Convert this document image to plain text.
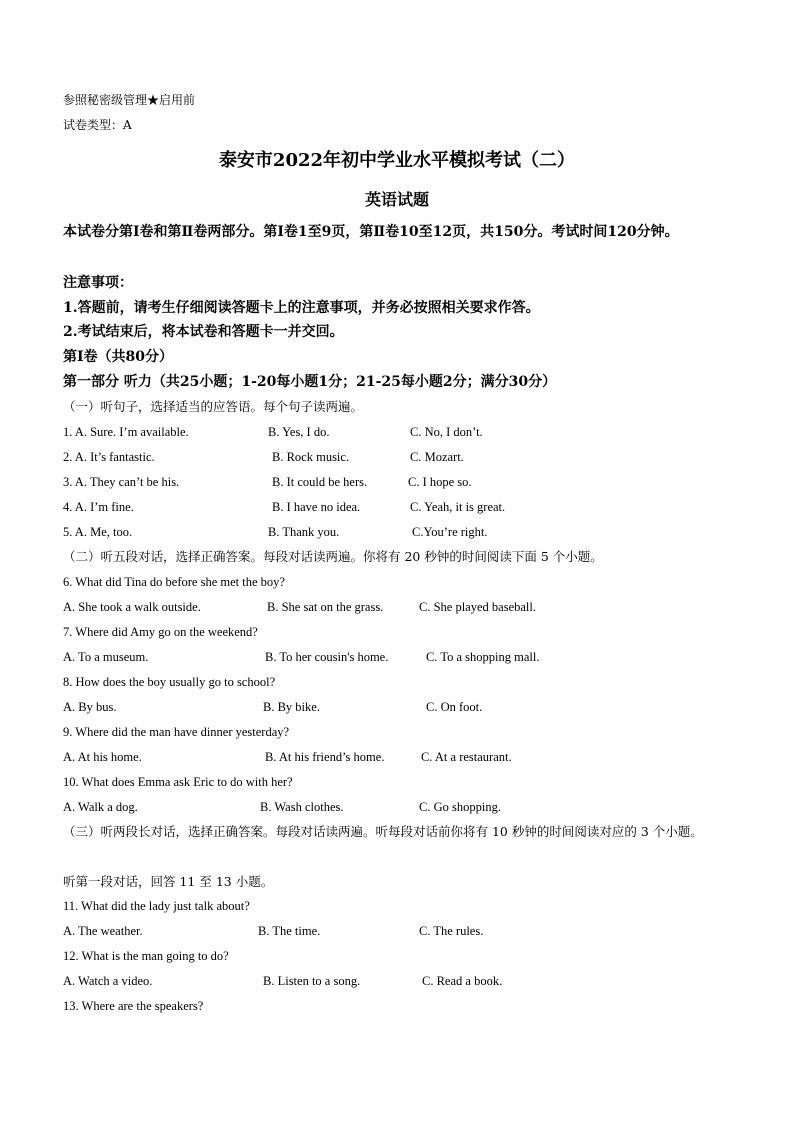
参照秘密级管理★启用前
试卷类型：A
泰安市2022年初中学业水平模拟考试（二）
英语试题
本试卷分第Ⅰ卷和第Ⅱ卷两部分。第Ⅰ卷1至9页，第Ⅱ卷10至12页，共150分。考试时间120分钟。
注意事项：
1.答题前，请考生仔细阅读答题卡上的注意事项，并务必按照相关要求作答。
2.考试结束后，将本试卷和答题卡一并交回。
第Ⅰ卷（共80分）
第一部分 听力（共25小题；1-20每小题1分；21-25每小题2分；满分30分）
（一）听句子，选择适当的应答语。每个句子读两遍。
1. A. Sure. I’m available.	B. Yes, I do.	C. No, I don’t.
2. A. It’s fantastic.	B. Rock music.	C. Mozart.
3. A. They can’t be his.	B. It could be hers.	C. I hope so.
4. A. I’m fine.	B. I have no idea.	C. Yeah, it is great.
5. A. Me, too.	B. Thank you.	C.You’re right.
（二）听五段对话，选择正确答案。每段对话读两遍。你将有 20 秒钟的时间阅读下面 5 个小题。
6. What did Tina do before she met the boy?
A. She took a walk outside.	B. She sat on the grass.	C. She played baseball.
7. Where did Amy go on the weekend?
A. To a museum.	B. To her cousin's home.	C. To a shopping mall.
8. How does the boy usually go to school?
A. By bus.	B. By bike.	C. On foot.
9. Where did the man have dinner yesterday?
A. At his home.	B. At his friend’s home.	C. At a restaurant.
10. What does Emma ask Eric to do with her?
A. Walk a dog.	B. Wash clothes.	C. Go shopping.
（三）听两段长对话，选择正确答案。每段对话读两遍。听每段对话前你将有 10 秒钟的时间阅读对应的 3 个小题。
听第一段对话，回答 11 至 13 小题。
11. What did the lady just talk about?
A. The weather.	B. The time.	C. The rules.
12. What is the man going to do?
A. Watch a video.	B. Listen to a song.	C. Read a book.
13. Where are the speakers?
